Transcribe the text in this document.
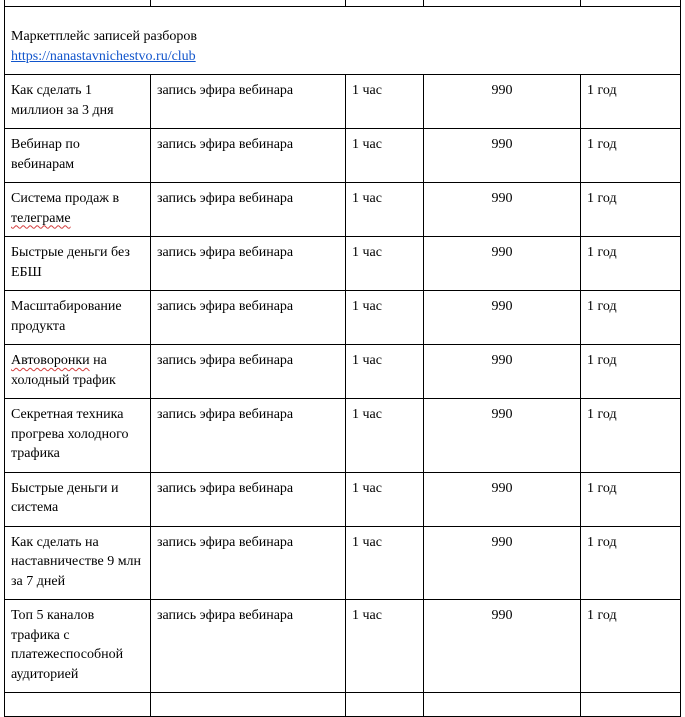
Маркетплейс записей разборов
https://nanastavnichestvo.ru/club				
Как сделать 1 миллион за 3 дня	запись эфира вебинара	1 час	990	1 год
Вебинар по вебинарам	запись эфира вебинара	1 час	990	1 год
Система продаж в телеграме	запись эфира вебинара	1 час	990	1 год
Быстрые деньги без ЕБШ	запись эфира вебинара	1 час	990	1 год
Масштабирование продукта	запись эфира вебинара	1 час	990	1 год
Автоворонки на холодный трафик	запись эфира вебинара	1 час	990	1 год
Секретная техника прогрева холодного трафика	запись эфира вебинара	1 час	990	1 год
Быстрые деньги и система	запись эфира вебинара	1 час	990	1 год
Как сделать на наставничестве 9 млн за 7 дней	запись эфира вебинара	1 час	990	1 год
Топ 5 каналов трафика с платежеспособной аудиторией	запись эфира вебинара	1 час	990	1 год
